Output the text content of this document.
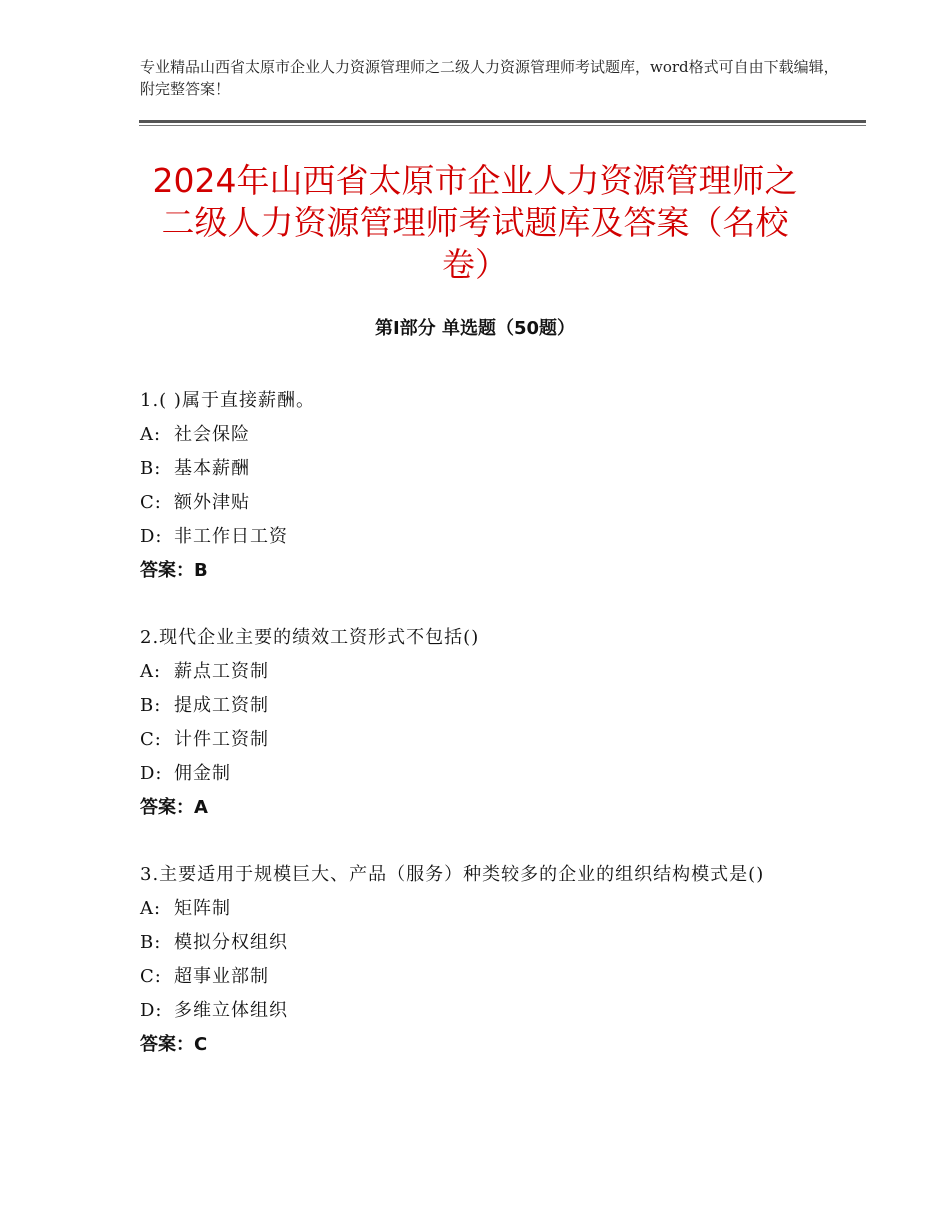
专业精品山西省太原市企业人力资源管理师之二级人力资源管理师考试题库，word格式可自由下载编辑，附完整答案！
2024年山西省太原市企业人力资源管理师之二级人力资源管理师考试题库及答案（名校卷）
第Ⅰ部分 单选题（50题）
1.( )属于直接薪酬。
A: 社会保险
B: 基本薪酬
C: 额外津贴
D: 非工作日工资
答案：B
2.现代企业主要的绩效工资形式不包括()
A: 薪点工资制
B: 提成工资制
C: 计件工资制
D: 佣金制
答案：A
3.主要适用于规模巨大、产品（服务）种类较多的企业的组织结构模式是()
A: 矩阵制
B: 模拟分权组织
C: 超事业部制
D: 多维立体组织
答案：C
